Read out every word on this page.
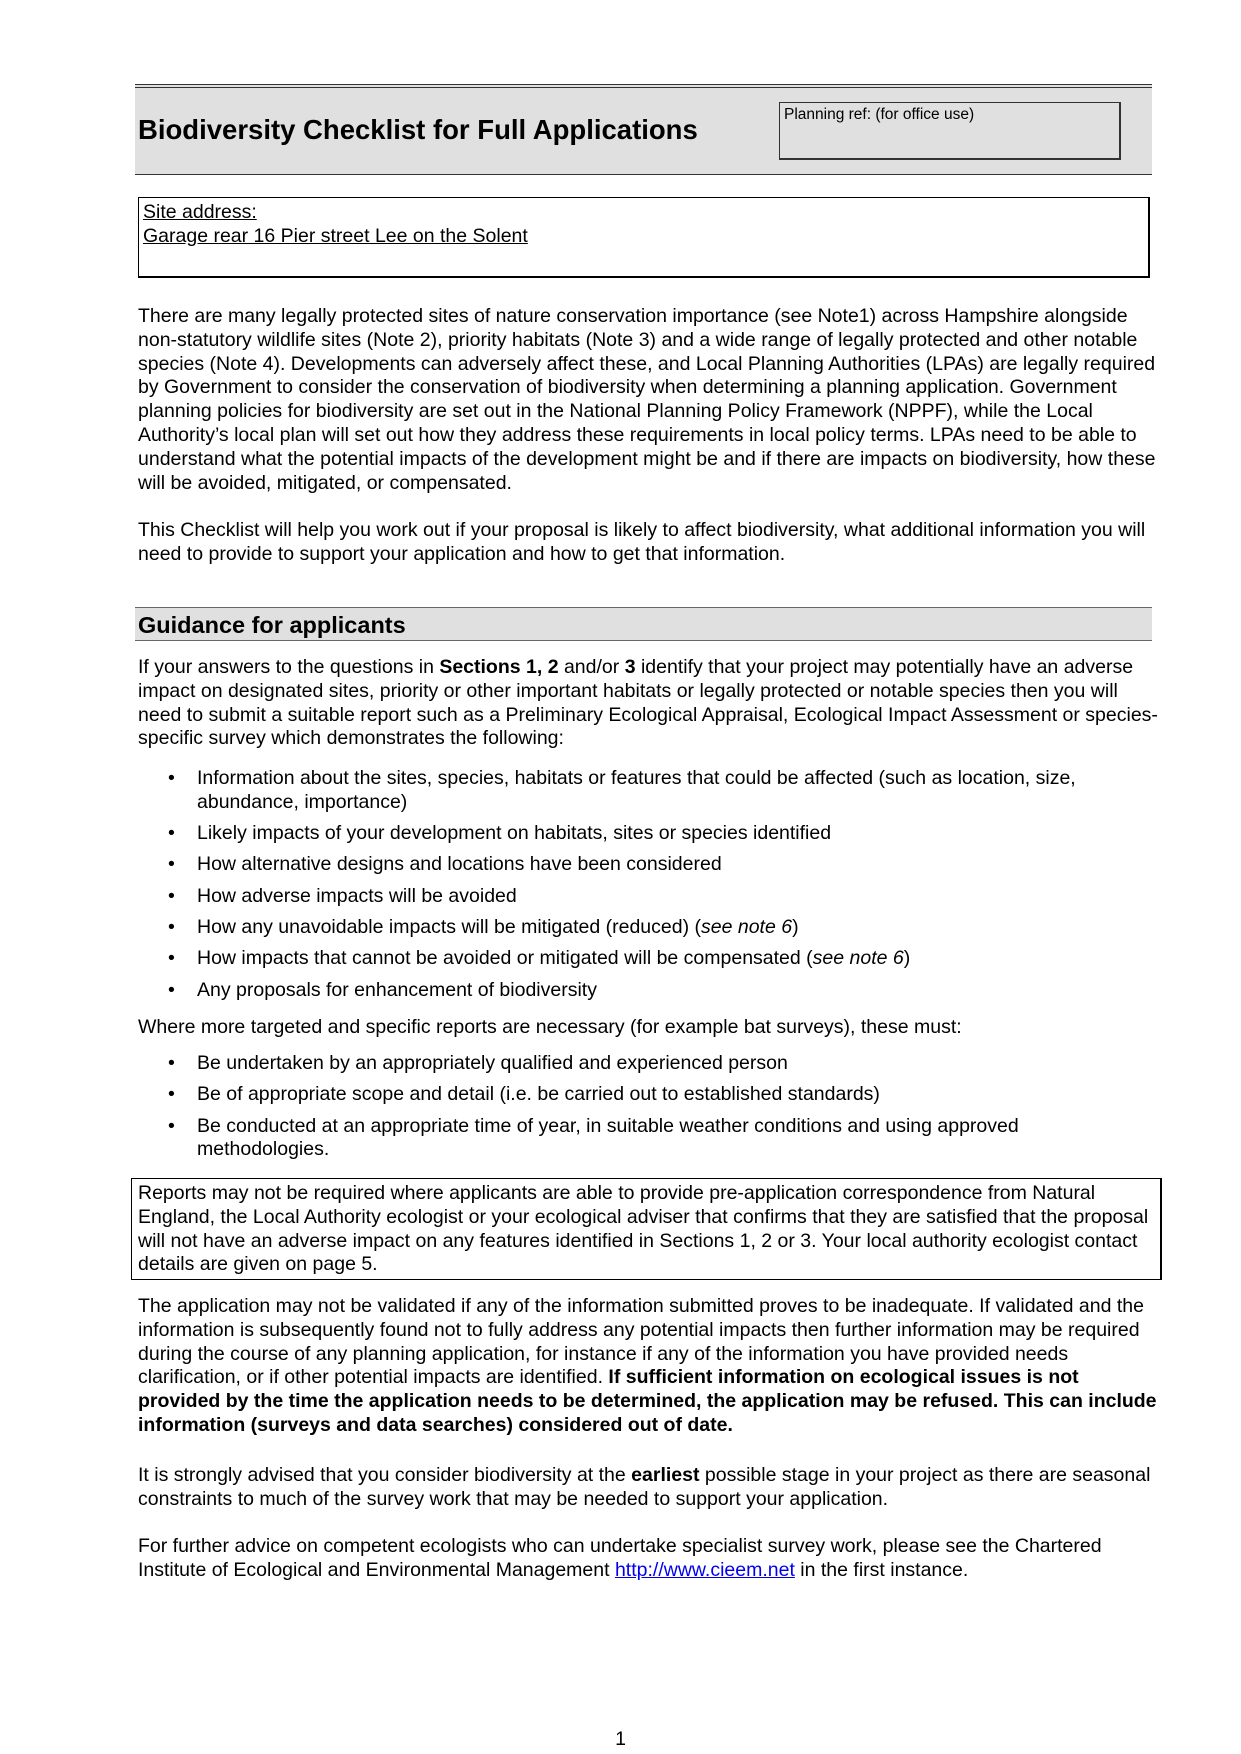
Biodiversity Checklist for Full Applications	Planning ref: (for office use)
Site address:
Garage rear 16 Pier street Lee on the Solent

There are many legally protected sites of nature conservation importance (see Note1) across Hampshire alongside non-statutory wildlife sites (Note 2), priority habitats (Note 3) and a wide range of legally protected and other notable species (Note 4). Developments can adversely affect these, and Local Planning Authorities (LPAs) are legally required by Government to consider the conservation of biodiversity when determining a planning application. Government planning policies for biodiversity are set out in the National Planning Policy Framework (NPPF), while the Local Authority’s local plan will set out how they address these requirements in local policy terms. LPAs need to be able to understand what the potential impacts of the development might be and if there are impacts on biodiversity, how these will be avoided, mitigated, or compensated.

This Checklist will help you work out if your proposal is likely to affect biodiversity, what additional information you will need to provide to support your application and how to get that information.

Guidance for applicants

If your answers to the questions in Sections 1, 2 and/or 3 identify that your project may potentially have an adverse impact on designated sites, priority or other important habitats or legally protected or notable species then you will need to submit a suitable report such as a Preliminary Ecological Appraisal, Ecological Impact Assessment or species-specific survey which demonstrates the following:

• Information about the sites, species, habitats or features that could be affected (such as location, size, abundance, importance)
• Likely impacts of your development on habitats, sites or species identified
• How alternative designs and locations have been considered
• How adverse impacts will be avoided
• How any unavoidable impacts will be mitigated (reduced) (see note 6)
• How impacts that cannot be avoided or mitigated will be compensated (see note 6)
• Any proposals for enhancement of biodiversity

Where more targeted and specific reports are necessary (for example bat surveys), these must:

• Be undertaken by an appropriately qualified and experienced person
• Be of appropriate scope and detail (i.e. be carried out to established standards)
• Be conducted at an appropriate time of year, in suitable weather conditions and using approved methodologies.
Reports may not be required where applicants are able to provide pre-application correspondence from Natural England, the Local Authority ecologist or your ecological adviser that confirms that they are satisfied that the proposal will not have an adverse impact on any features identified in Sections 1, 2 or 3. Your local authority ecologist contact details are given on page 5.

The application may not be validated if any of the information submitted proves to be inadequate. If validated and the information is subsequently found not to fully address any potential impacts then further information may be required during the course of any planning application, for instance if any of the information you have provided needs clarification, or if other potential impacts are identified. If sufficient information on ecological issues is not provided by the time the application needs to be determined, the application may be refused. This can include information (surveys and data searches) considered out of date.

It is strongly advised that you consider biodiversity at the earliest possible stage in your project as there are seasonal constraints to much of the survey work that may be needed to support your application.

For further advice on competent ecologists who can undertake specialist survey work, please see the Chartered Institute of Ecological and Environmental Management http://www.cieem.net in the first instance.

1
